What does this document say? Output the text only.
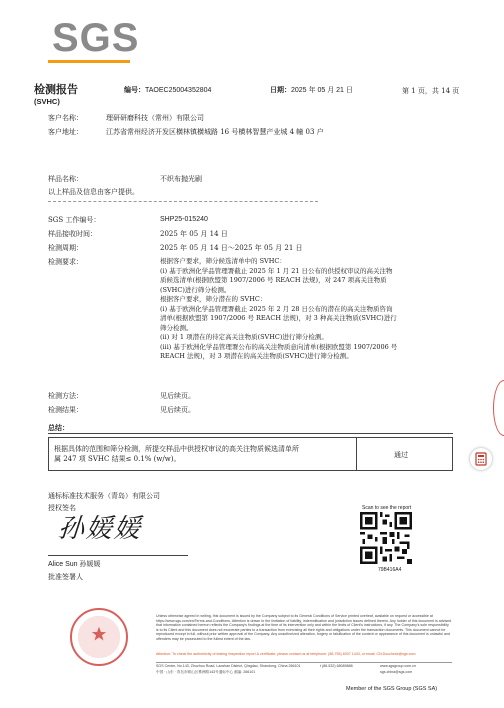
SGS
检测报告
(SVHC)
编号：TAOEC25004352804	日期：2025 年 05 月 21 日	第 1 页，共 14 页
客户名称：	理研研磨科技（常州）有限公司
客户地址：	江苏省常州经济开发区横林镇横城路 16 号横林智慧产业城 4 幢 03 户
样品名称：	不织布抛光刷
以上样品及信息由客户提供。
SGS 工作编号：	SHP25-015240
样品接收时间：	2025 年 05 月 14 日
检测周期：	2025 年 05 月 14 日～2025 年 05 月 21 日
检测要求：	根据客户要求，筛分候选清单中的 SVHC：
(i) 基于欧洲化学品管理署截止 2025 年 1 月 21 日公布的供授权审议的高关注物
质候选清单(根据欧盟第 1907/2006 号 REACH 法规)，对 247 项高关注物质
(SVHC)进行筛分检测。
根据客户要求，筛分潜在的 SVHC：
(i) 基于欧洲化学品管理署截止 2025 年 2 月 28 日公布的潜在的高关注物质咨询
清单(根据欧盟第 1907/2006 号 REACH 法规)，对 3 种高关注物质(SVHC)进行
筛分检测。
(ii) 对 1 项潜在的待定高关注物质(SVHC)进行筛分检测。
(iii) 基于欧洲化学品管理署公布的高关注物质意向清单(根据欧盟第 1907/2006 号
REACH 法规)，对 3 项潜在的高关注物质(SVHC)进行筛分检测。
检测方法：	见后续页。
检测结果：	见后续页。
总结：
根据具体的范围和筛分检测，所提交样品中供授权审议的高关注物质候选清单所
属 247 项 SVHC 结果≤ 0.1% (w/w)。	通过
通标标准技术服务（青岛）有限公司
授权签名
孙媛媛
Alice Sun 孙媛媛
批准签署人
Scan to see the report
79B416A4
Unless otherwise agreed in writing, this document is issued by the Company subject to its General Conditions of Service printed overleaf, available on request or accessible at https://www.sgs.com/en/Terms-and-Conditions. Attention is drawn to the limitation of liability, indemnification and jurisdiction issues defined therein. Any holder of this document is advised that information contained hereon reflects the Company's findings at the time of its intervention only and within the limits of Client's instructions, if any. The Company's sole responsibility is to its Client and this document does not exonerate parties to a transaction from exercising all their rights and obligations under the transaction documents. This document cannot be reproduced except in full, without prior written approval of the Company. Any unauthorized alteration, forgery or falsification of the content or appearance of this document is unlawful and offenders may be prosecuted to the fullest extent of the law.
Attention: To check the authenticity of testing /inspection report & certificate, please contact us at telephone: (86-755) 8307 1443, or email: CN.Doccheck@sgs.com
SGS Center, No.143, Zhuzhou Road, Laoshan District, Qingdao, Shandong, China 266101
中国 · 山东 · 青岛市崂山区株洲路143号通标中心 邮编: 266101
t (86-532) 68089888	www.sgsgroup.com.cn
sgs.china@sgs.com
Member of the SGS Group (SGS SA)
